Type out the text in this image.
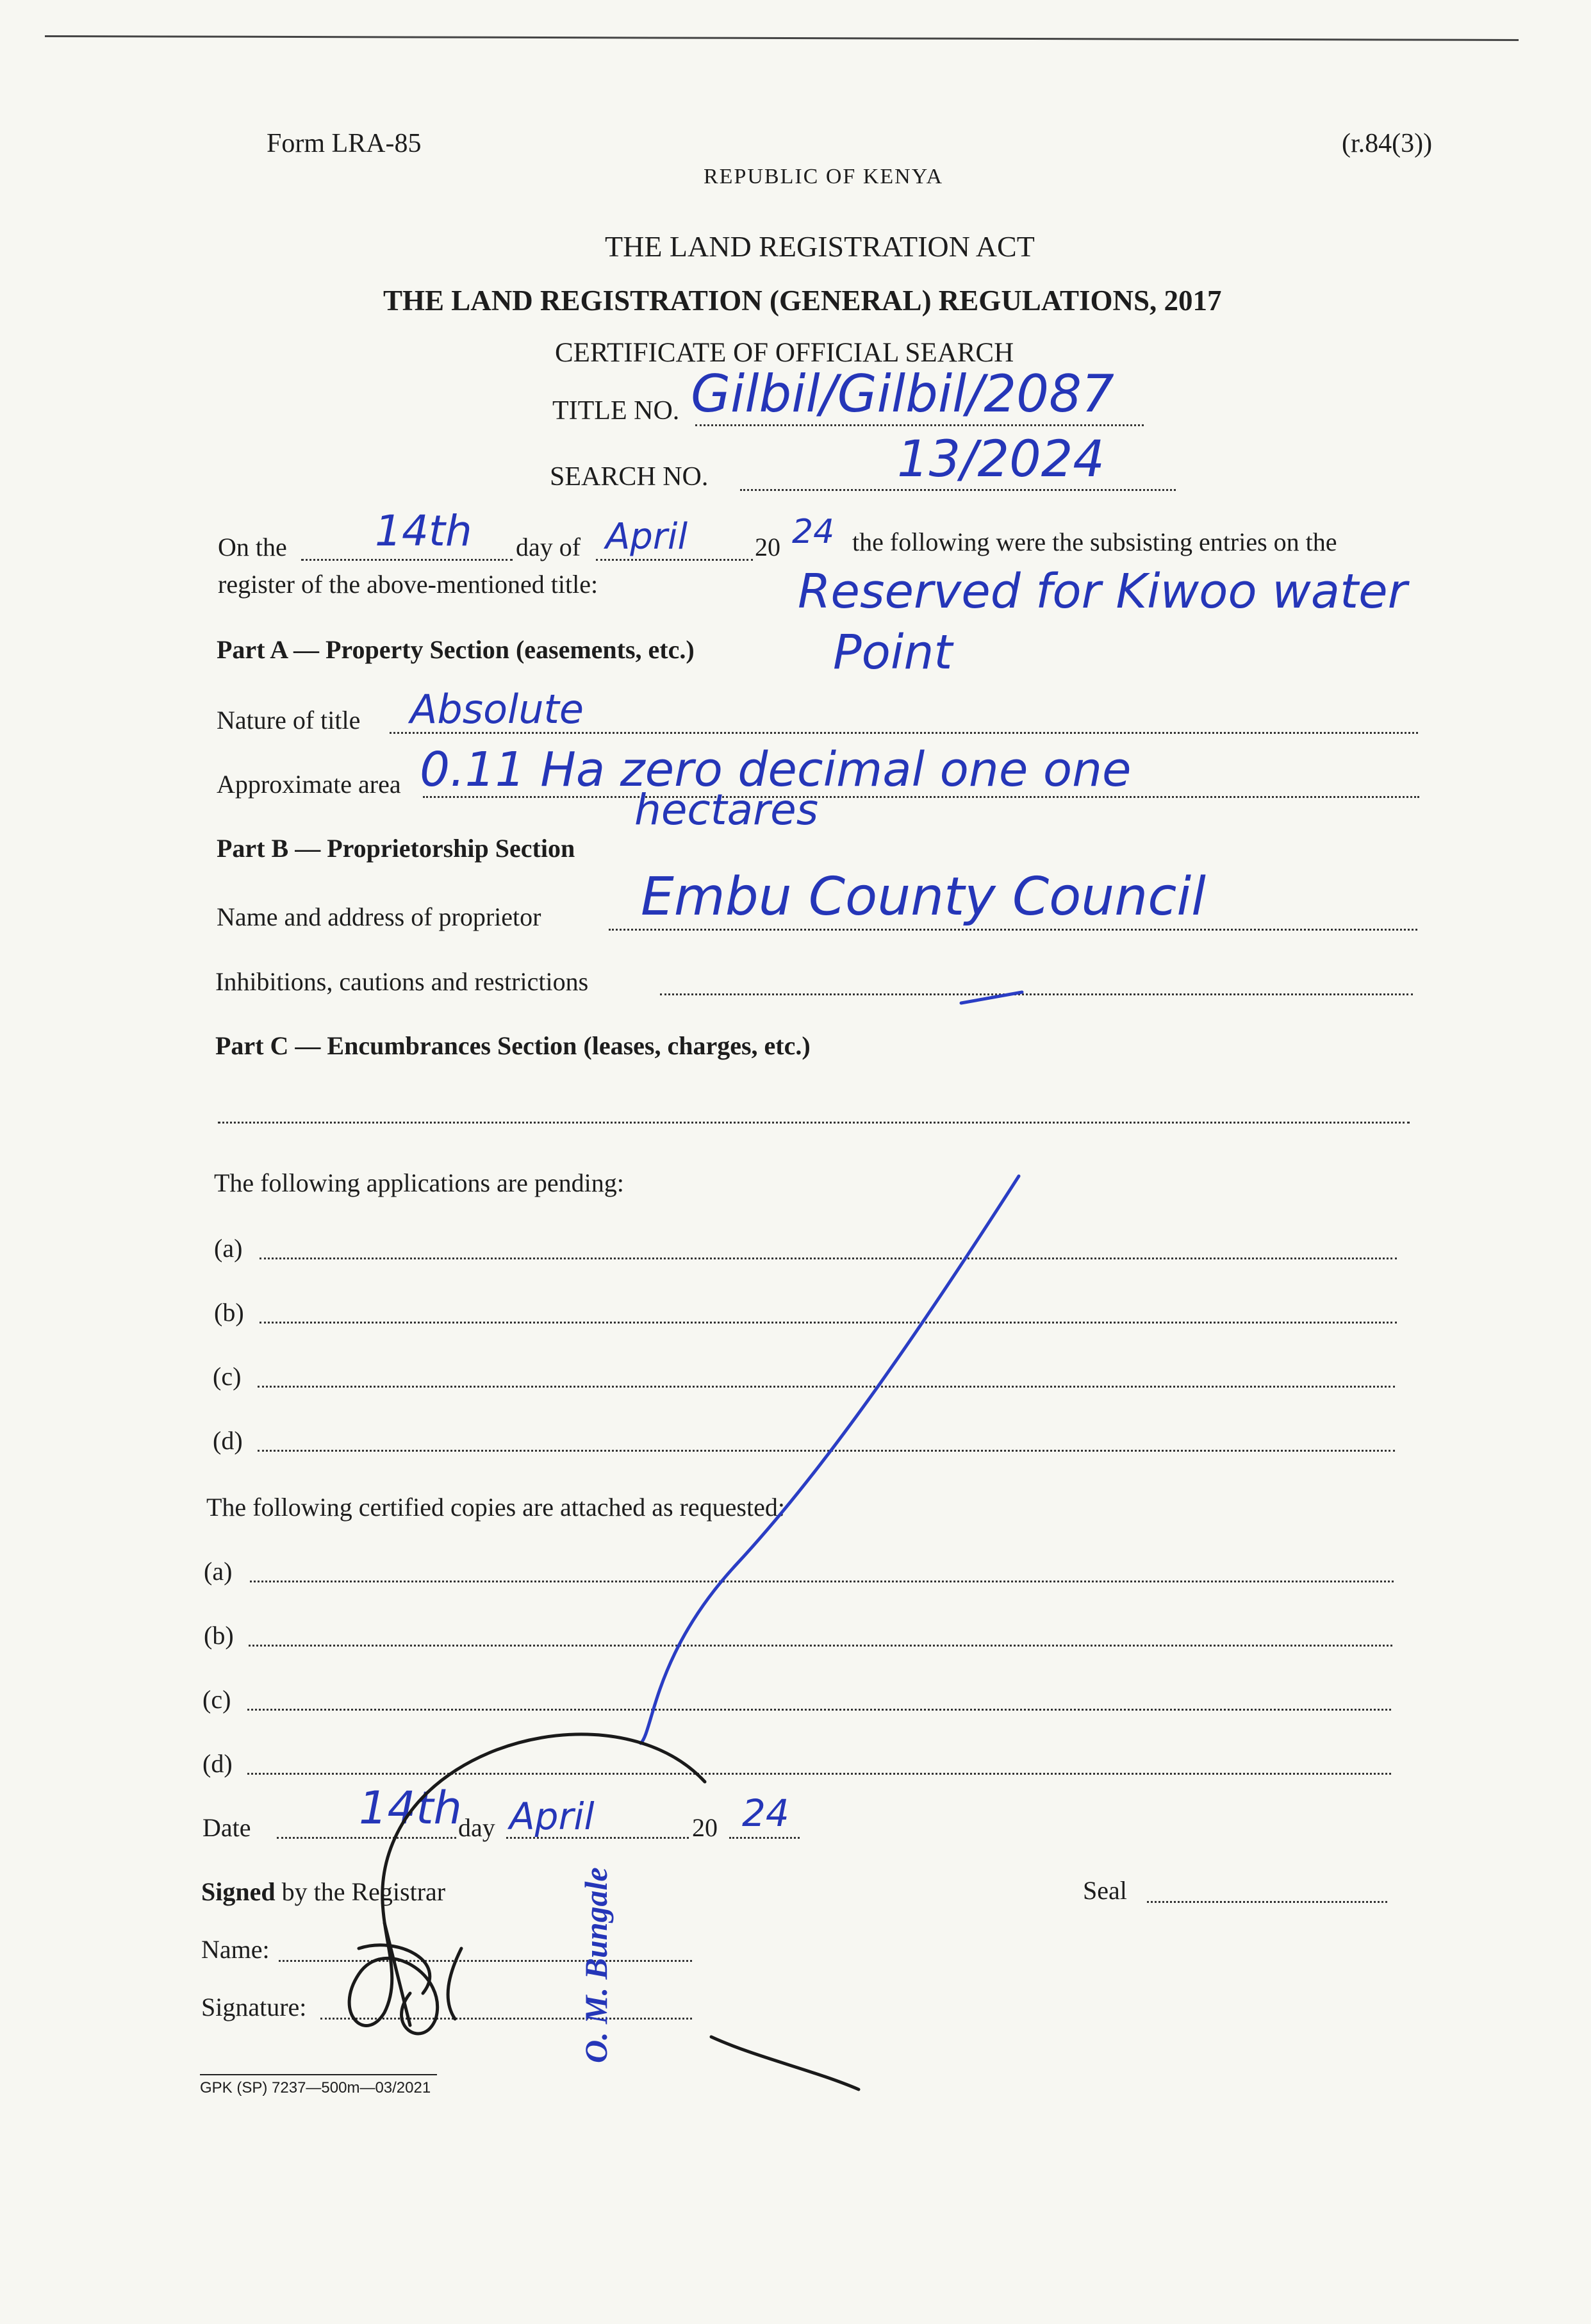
Form LRA-85	(r.84(3))
REPUBLIC OF KENYA
THE LAND REGISTRATION ACT
THE LAND REGISTRATION (GENERAL) REGULATIONS, 2017
CERTIFICATE OF OFFICIAL SEARCH
TITLE NO. Gilbil/Gilbil/2087
SEARCH NO.	13/2024
On the 14th day of April	20 24 the following were the subsisting entries on the
register of the above-mentioned title:
Part A — Property Section (easements, etc.)
Reserved for Kiwoo water
Point
Nature of title Absolute
Approximate area 0.11 Ha zero decimal one one
hectares
Part B — Proprietorship Section
Name and address of proprietor Embu County Council
Inhibitions, cautions and restrictions
Part C — Encumbrances Section (leases, charges, etc.)
The following applications are pending:
(a)
(b)
(c)
(d)
The following certified copies are attached as requested:
(a)
(b)
(c)
(d)
Date 14th
day April	20 24
Signed by the Registrar	Seal
Name:
Signature:	O. M. Bungale
GPK (SP) 7237—500m—03/2021
